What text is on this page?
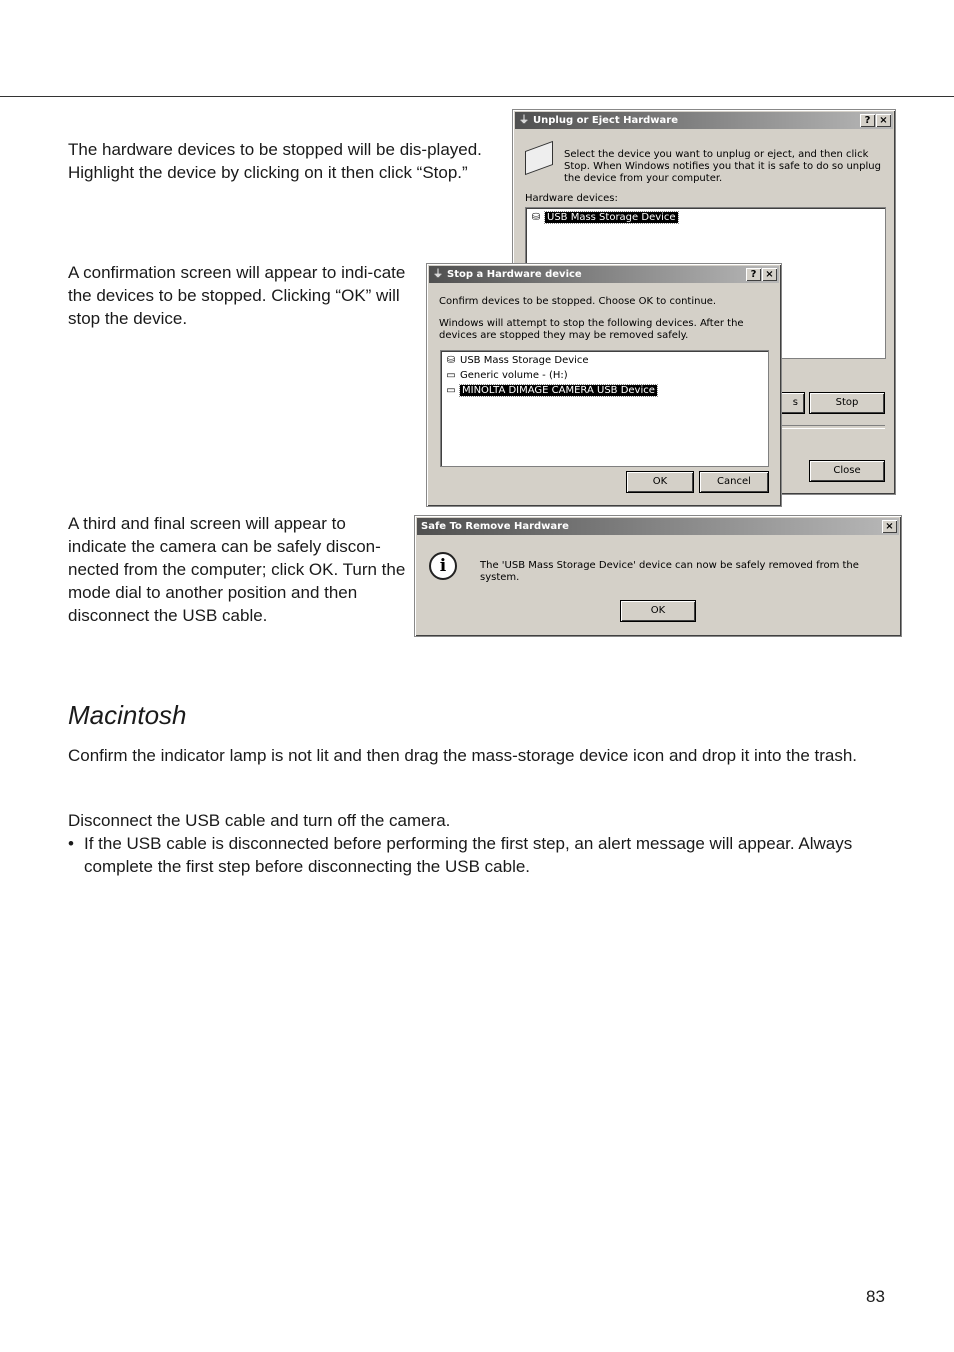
The hardware devices to be stopped will be dis-played. Highlight the device by clicking on it then click “Stop.”

A confirmation screen will appear to indi-cate the devices to be stopped. Clicking “OK” will stop the device.

A third and final screen will appear to indicate the camera can be safely discon-nected from the computer; click OK. Turn the mode dial to another position and then disconnect the USB cable.

⏚ Unplug or Eject Hardware	? ×
Select the device you want to unplug or eject, and then click Stop. When Windows notifies you that it is safe to do so unplug the device from your computer.
Hardware devices:
⛁ USB Mass Storage Device
s	Stop
Close
⏚ Stop a Hardware device	? ×
Confirm devices to be stopped. Choose OK to continue.
Windows will attempt to stop the following devices. After the devices are stopped they may be removed safely.
⛁ USB Mass Storage Device
▭ Generic volume - (H:)
▭ MINOLTA DIMAGE CAMERA USB Device
OK	Cancel
Safe To Remove Hardware	×
i	The 'USB Mass Storage Device' device can now be safely removed from the system.
OK
Macintosh

Confirm the indicator lamp is not lit and then drag the mass-storage device icon and drop it into the trash.

Disconnect the USB cable and turn off the camera.

• If the USB cable is disconnected before performing the first step, an alert message will appear. Always complete the first step before disconnecting the USB cable.
83
